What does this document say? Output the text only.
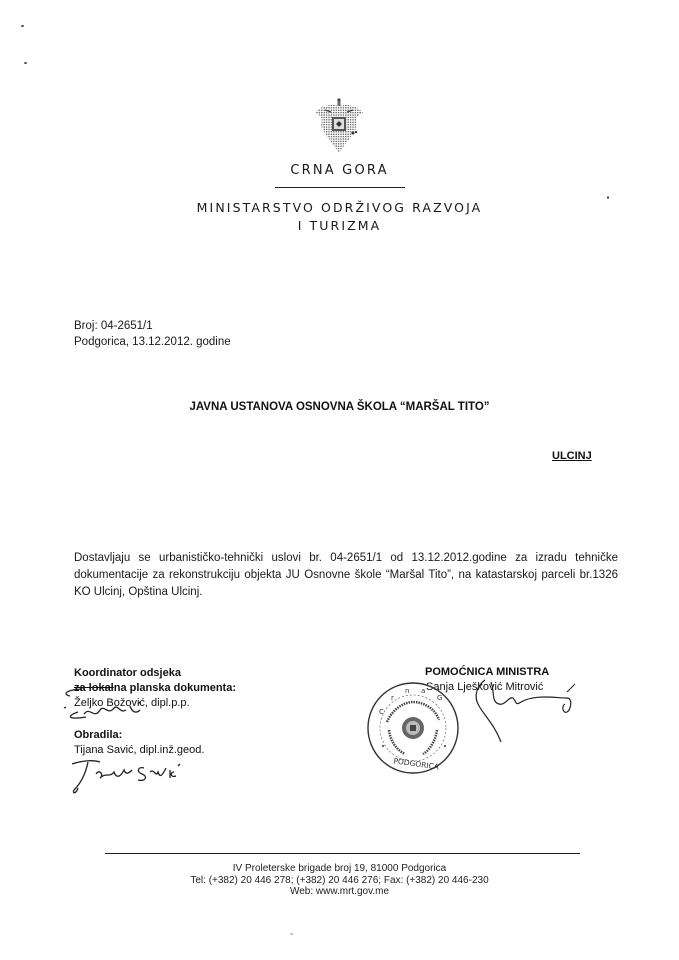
CRNA GORA
MINISTARSTVO ODRŽIVOG RAZVOJA
I TURIZMA
Broj: 04-2651/1
Podgorica, 13.12.2012. godine
JAVNA USTANOVA OSNOVNA ŠKOLA “MARŠAL TITO”
ULCINJ
Dostavljaju se urbanističko-tehnički uslovi br. 04-2651/1 od 13.12.2012.godine za izradu tehničke dokumentacije za rekonstrukciju objekta JU Osnovne škole “Maršal Tito”, na katastarskoj parceli br.1326 KO Ulcinj, Opština Ulcinj.
Koordinator odsjeka
za lokalna planska dokumenta:
Željko Božović, dipl.p.p.
Obradila:
Tijana Savić, dipl.inž.geod.
POMOĆNICA MINISTRA
Sanja Lješković Mitrović
C
r
n a
G
PODGORICA
IV Proleterske brigade broj 19, 81000 Podgorica
Tel: (+382) 20 446 278; (+382) 20 446 276; Fax: (+382) 20 446-230
Web: www.mrt.gov.me
